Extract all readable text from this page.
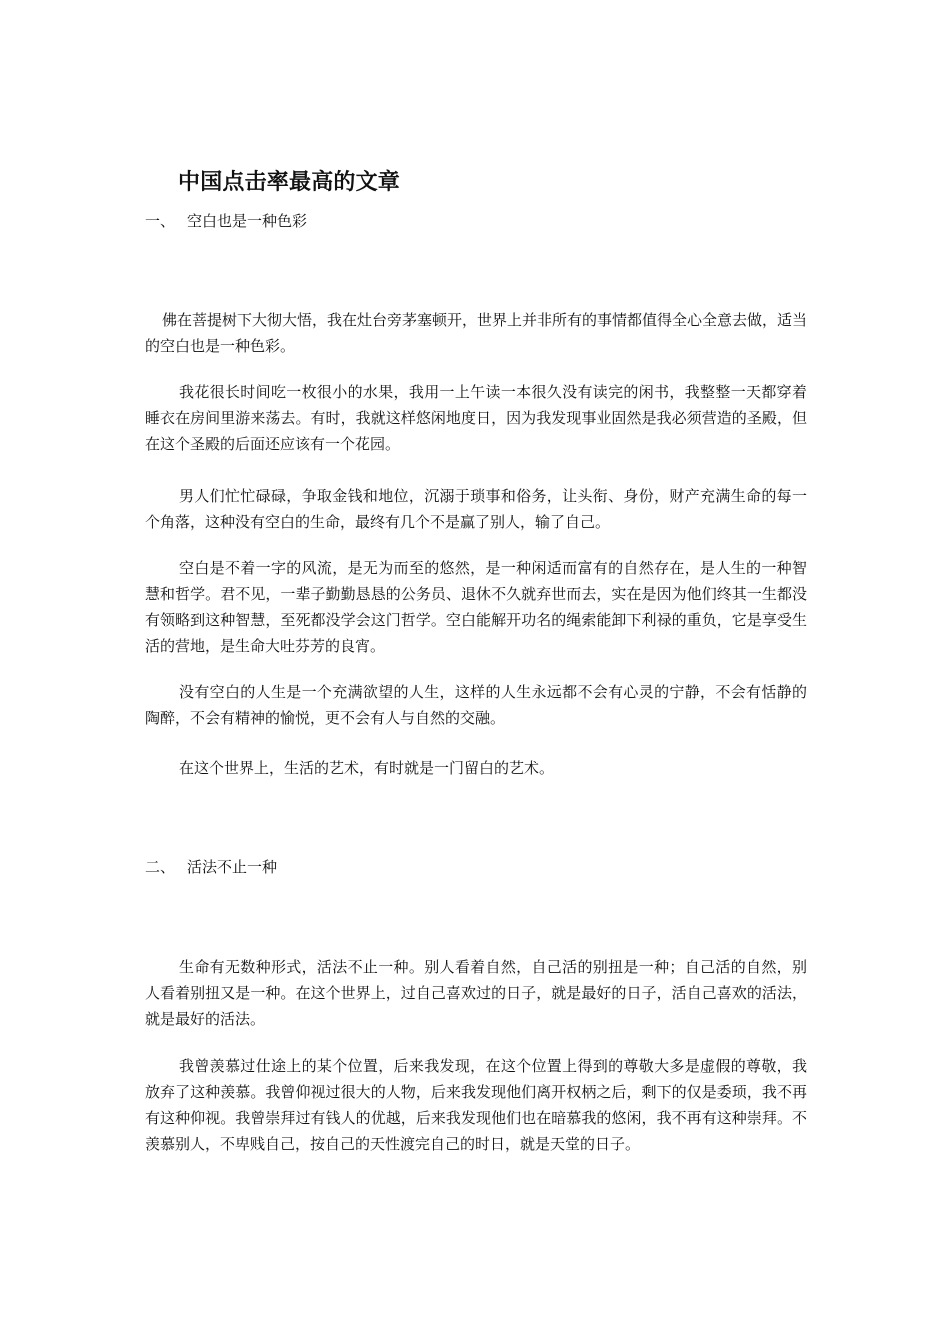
中国点击率最高的文章
一、 空白也是一种色彩

佛在菩提树下大彻大悟，我在灶台旁茅塞顿开，世界上并非所有的事情都值得全心全意去做，适当的空白也是一种色彩。

我花很长时间吃一枚很小的水果，我用一上午读一本很久没有读完的闲书，我整整一天都穿着睡衣在房间里游来荡去。有时，我就这样悠闲地度日，因为我发现事业固然是我必须营造的圣殿，但在这个圣殿的后面还应该有一个花园。

男人们忙忙碌碌，争取金钱和地位，沉溺于琐事和俗务，让头衔、身份，财产充满生命的每一个角落，这种没有空白的生命，最终有几个不是赢了别人，输了自己。

空白是不着一字的风流，是无为而至的悠然，是一种闲适而富有的自然存在，是人生的一种智慧和哲学。君不见，一辈子勤勤恳恳的公务员、退休不久就弃世而去，实在是因为他们终其一生都没有领略到这种智慧，至死都没学会这门哲学。空白能解开功名的绳索能卸下利禄的重负，它是享受生活的营地，是生命大吐芬芳的良宵。

没有空白的人生是一个充满欲望的人生，这样的人生永远都不会有心灵的宁静，不会有恬静的陶醉，不会有精神的愉悦，更不会有人与自然的交融。

在这个世界上，生活的艺术，有时就是一门留白的艺术。

二、 活法不止一种

生命有无数种形式，活法不止一种。别人看着自然，自己活的别扭是一种；自己活的自然，别人看着别扭又是一种。在这个世界上，过自己喜欢过的日子，就是最好的日子，活自己喜欢的活法，就是最好的活法。

我曾羡慕过仕途上的某个位置，后来我发现，在这个位置上得到的尊敬大多是虚假的尊敬，我放弃了这种羡慕。我曾仰视过很大的人物，后来我发现他们离开权柄之后，剩下的仅是委顼，我不再有这种仰视。我曾崇拜过有钱人的优越，后来我发现他们也在暗慕我的悠闲，我不再有这种崇拜。不羡慕别人，不卑贱自己，按自己的天性渡完自己的时日，就是天堂的日子。
